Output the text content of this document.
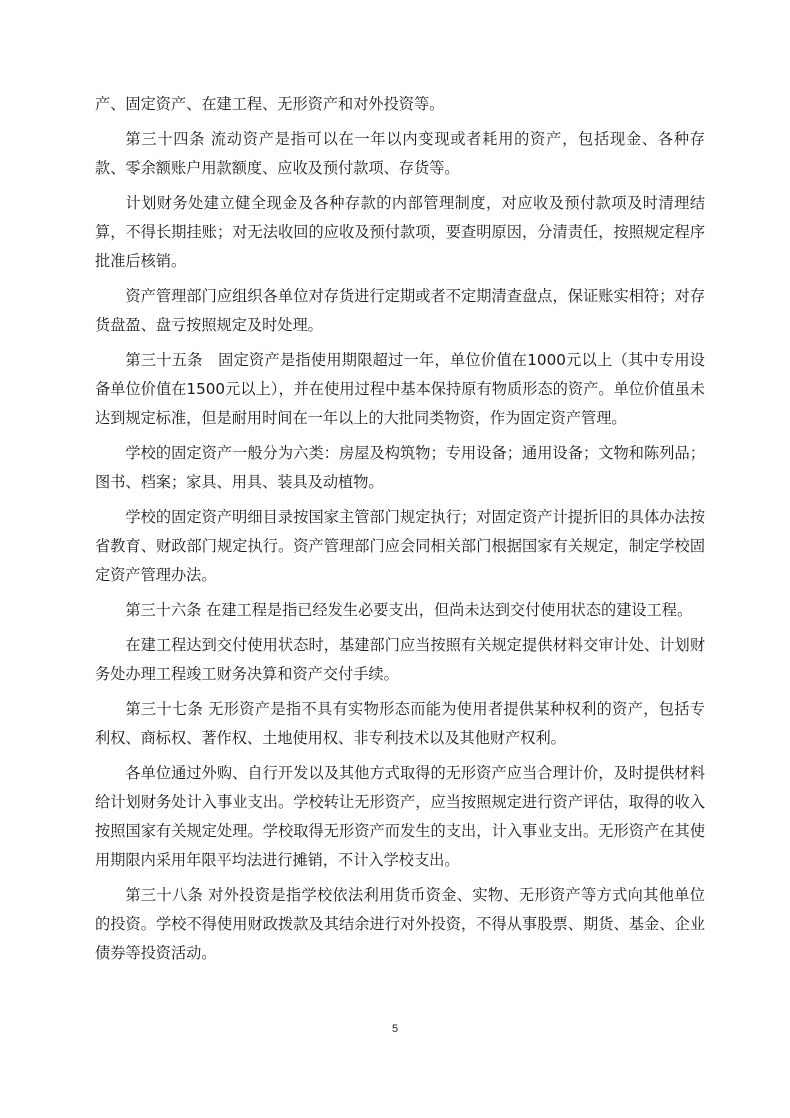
产、固定资产、在建工程、无形资产和对外投资等。

第三十四条 流动资产是指可以在一年以内变现或者耗用的资产，包括现金、各种存款、零余额账户用款额度、应收及预付款项、存货等。

计划财务处建立健全现金及各种存款的内部管理制度，对应收及预付款项及时清理结算，不得长期挂账；对无法收回的应收及预付款项，要查明原因，分清责任，按照规定程序批准后核销。

资产管理部门应组织各单位对存货进行定期或者不定期清查盘点，保证账实相符；对存货盘盈、盘亏按照规定及时处理。

第三十五条　固定资产是指使用期限超过一年，单位价值在1000元以上（其中专用设备单位价值在1500元以上），并在使用过程中基本保持原有物质形态的资产。单位价值虽未达到规定标准，但是耐用时间在一年以上的大批同类物资，作为固定资产管理。

学校的固定资产一般分为六类：房屋及构筑物；专用设备；通用设备；文物和陈列品；图书、档案；家具、用具、装具及动植物。

学校的固定资产明细目录按国家主管部门规定执行；对固定资产计提折旧的具体办法按省教育、财政部门规定执行。资产管理部门应会同相关部门根据国家有关规定，制定学校固定资产管理办法。

第三十六条 在建工程是指已经发生必要支出，但尚未达到交付使用状态的建设工程。

在建工程达到交付使用状态时，基建部门应当按照有关规定提供材料交审计处、计划财务处办理工程竣工财务决算和资产交付手续。

第三十七条 无形资产是指不具有实物形态而能为使用者提供某种权利的资产，包括专利权、商标权、著作权、土地使用权、非专利技术以及其他财产权利。

各单位通过外购、自行开发以及其他方式取得的无形资产应当合理计价，及时提供材料给计划财务处计入事业支出。学校转让无形资产，应当按照规定进行资产评估，取得的收入按照国家有关规定处理。学校取得无形资产而发生的支出，计入事业支出。无形资产在其使用期限内采用年限平均法进行摊销，不计入学校支出。

第三十八条 对外投资是指学校依法利用货币资金、实物、无形资产等方式向其他单位的投资。学校不得使用财政拨款及其结余进行对外投资，不得从事股票、期货、基金、企业债券等投资活动。

5
